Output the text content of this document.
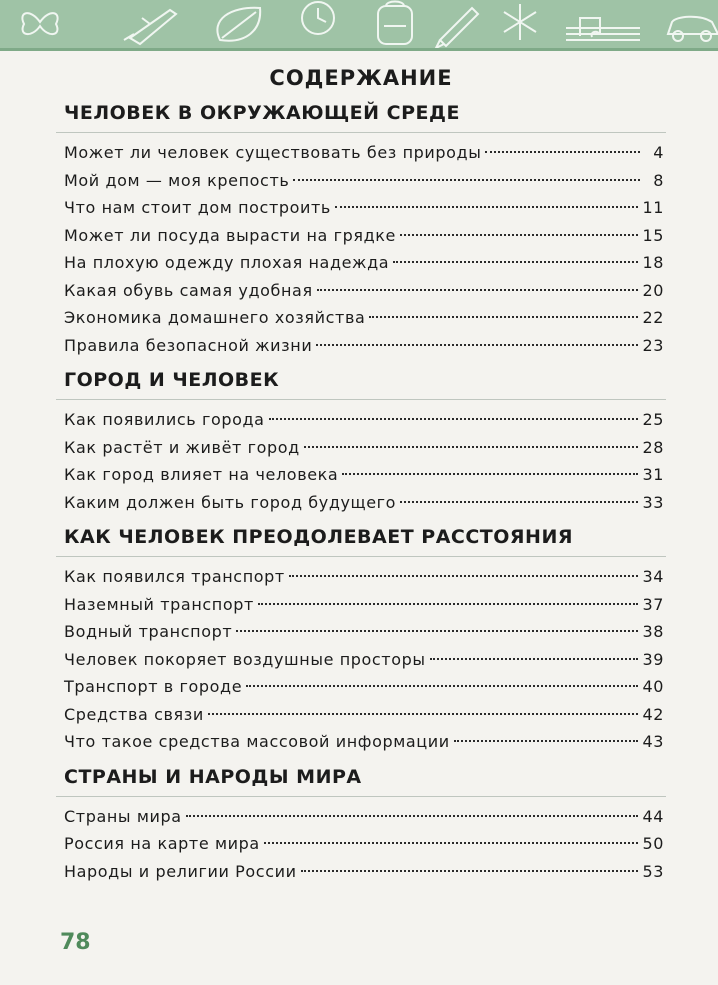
СОДЕРЖАНИЕ
ЧЕЛОВЕК В ОКРУЖАЮЩЕЙ СРЕДЕ
Может ли человек существовать без природы	4
Мой дом — моя крепость	8
Что нам стоит дом построить	11
Может ли посуда вырасти на грядке	15
На плохую одежду плохая надежда	18
Какая обувь самая удобная	20
Экономика домашнего хозяйства	22
Правила безопасной жизни	23
ГОРОД И ЧЕЛОВЕК
Как появились города	25
Как растёт и живёт город	28
Как город влияет на человека	31
Каким должен быть город будущего	33
КАК ЧЕЛОВЕК ПРЕОДОЛЕВАЕТ РАССТОЯНИЯ
Как появился транспорт	34
Наземный транспорт	37
Водный транспорт	38
Человек покоряет воздушные просторы	39
Транспорт в городе	40
Средства связи	42
Что такое средства массовой информации	43
СТРАНЫ И НАРОДЫ МИРА
Страны мира	44
Россия на карте мира	50
Народы и религии России	53
78
